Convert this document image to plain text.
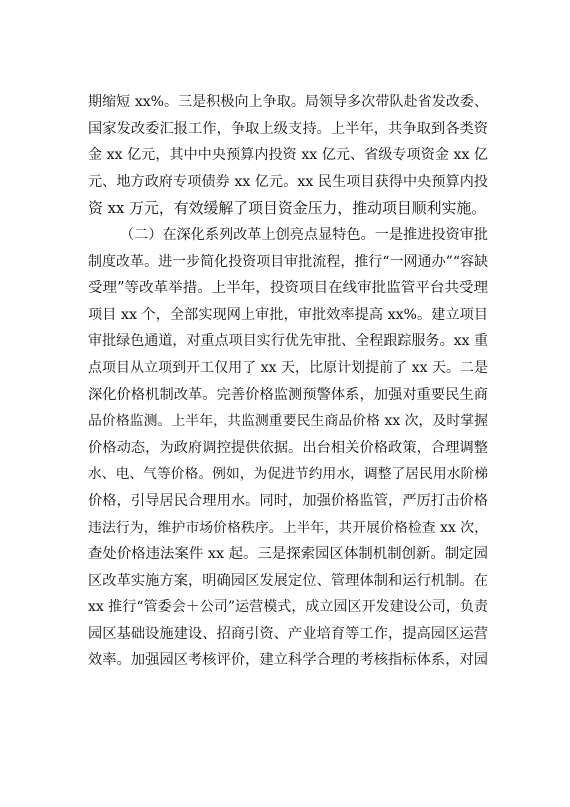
期缩短 xx%。三是积极向上争取。局领导多次带队赴省发改委、
国家发改委汇报工作，争取上级支持。上半年，共争取到各类资
金 xx 亿元，其中中央预算内投资 xx 亿元、省级专项资金 xx 亿
元、地方政府专项债券 xx 亿元。xx 民生项目获得中央预算内投
资 xx 万元，有效缓解了项目资金压力，推动项目顺利实施。
（二）在深化系列改革上创亮点显特色。一是推进投资审批
制度改革。进一步简化投资项目审批流程，推行“一网通办”“容缺
受理”等改革举措。上半年，投资项目在线审批监管平台共受理
项目 xx 个，全部实现网上审批，审批效率提高 xx%。建立项目
审批绿色通道，对重点项目实行优先审批、全程跟踪服务。xx 重
点项目从立项到开工仅用了 xx 天，比原计划提前了 xx 天。二是
深化价格机制改革。完善价格监测预警体系，加强对重要民生商
品价格监测。上半年，共监测重要民生商品价格 xx 次，及时掌握
价格动态，为政府调控提供依据。出台相关价格政策，合理调整
水、电、气等价格。例如，为促进节约用水，调整了居民用水阶梯
价格，引导居民合理用水。同时，加强价格监管，严厉打击价格
违法行为，维护市场价格秩序。上半年，共开展价格检查 xx 次，
查处价格违法案件 xx 起。三是探索园区体制机制创新。制定园
区改革实施方案，明确园区发展定位、管理体制和运行机制。在
xx 推行“管委会＋公司”运营模式，成立园区开发建设公司，负责
园区基础设施建设、招商引资、产业培育等工作，提高园区运营
效率。加强园区考核评价，建立科学合理的考核指标体系，对园
